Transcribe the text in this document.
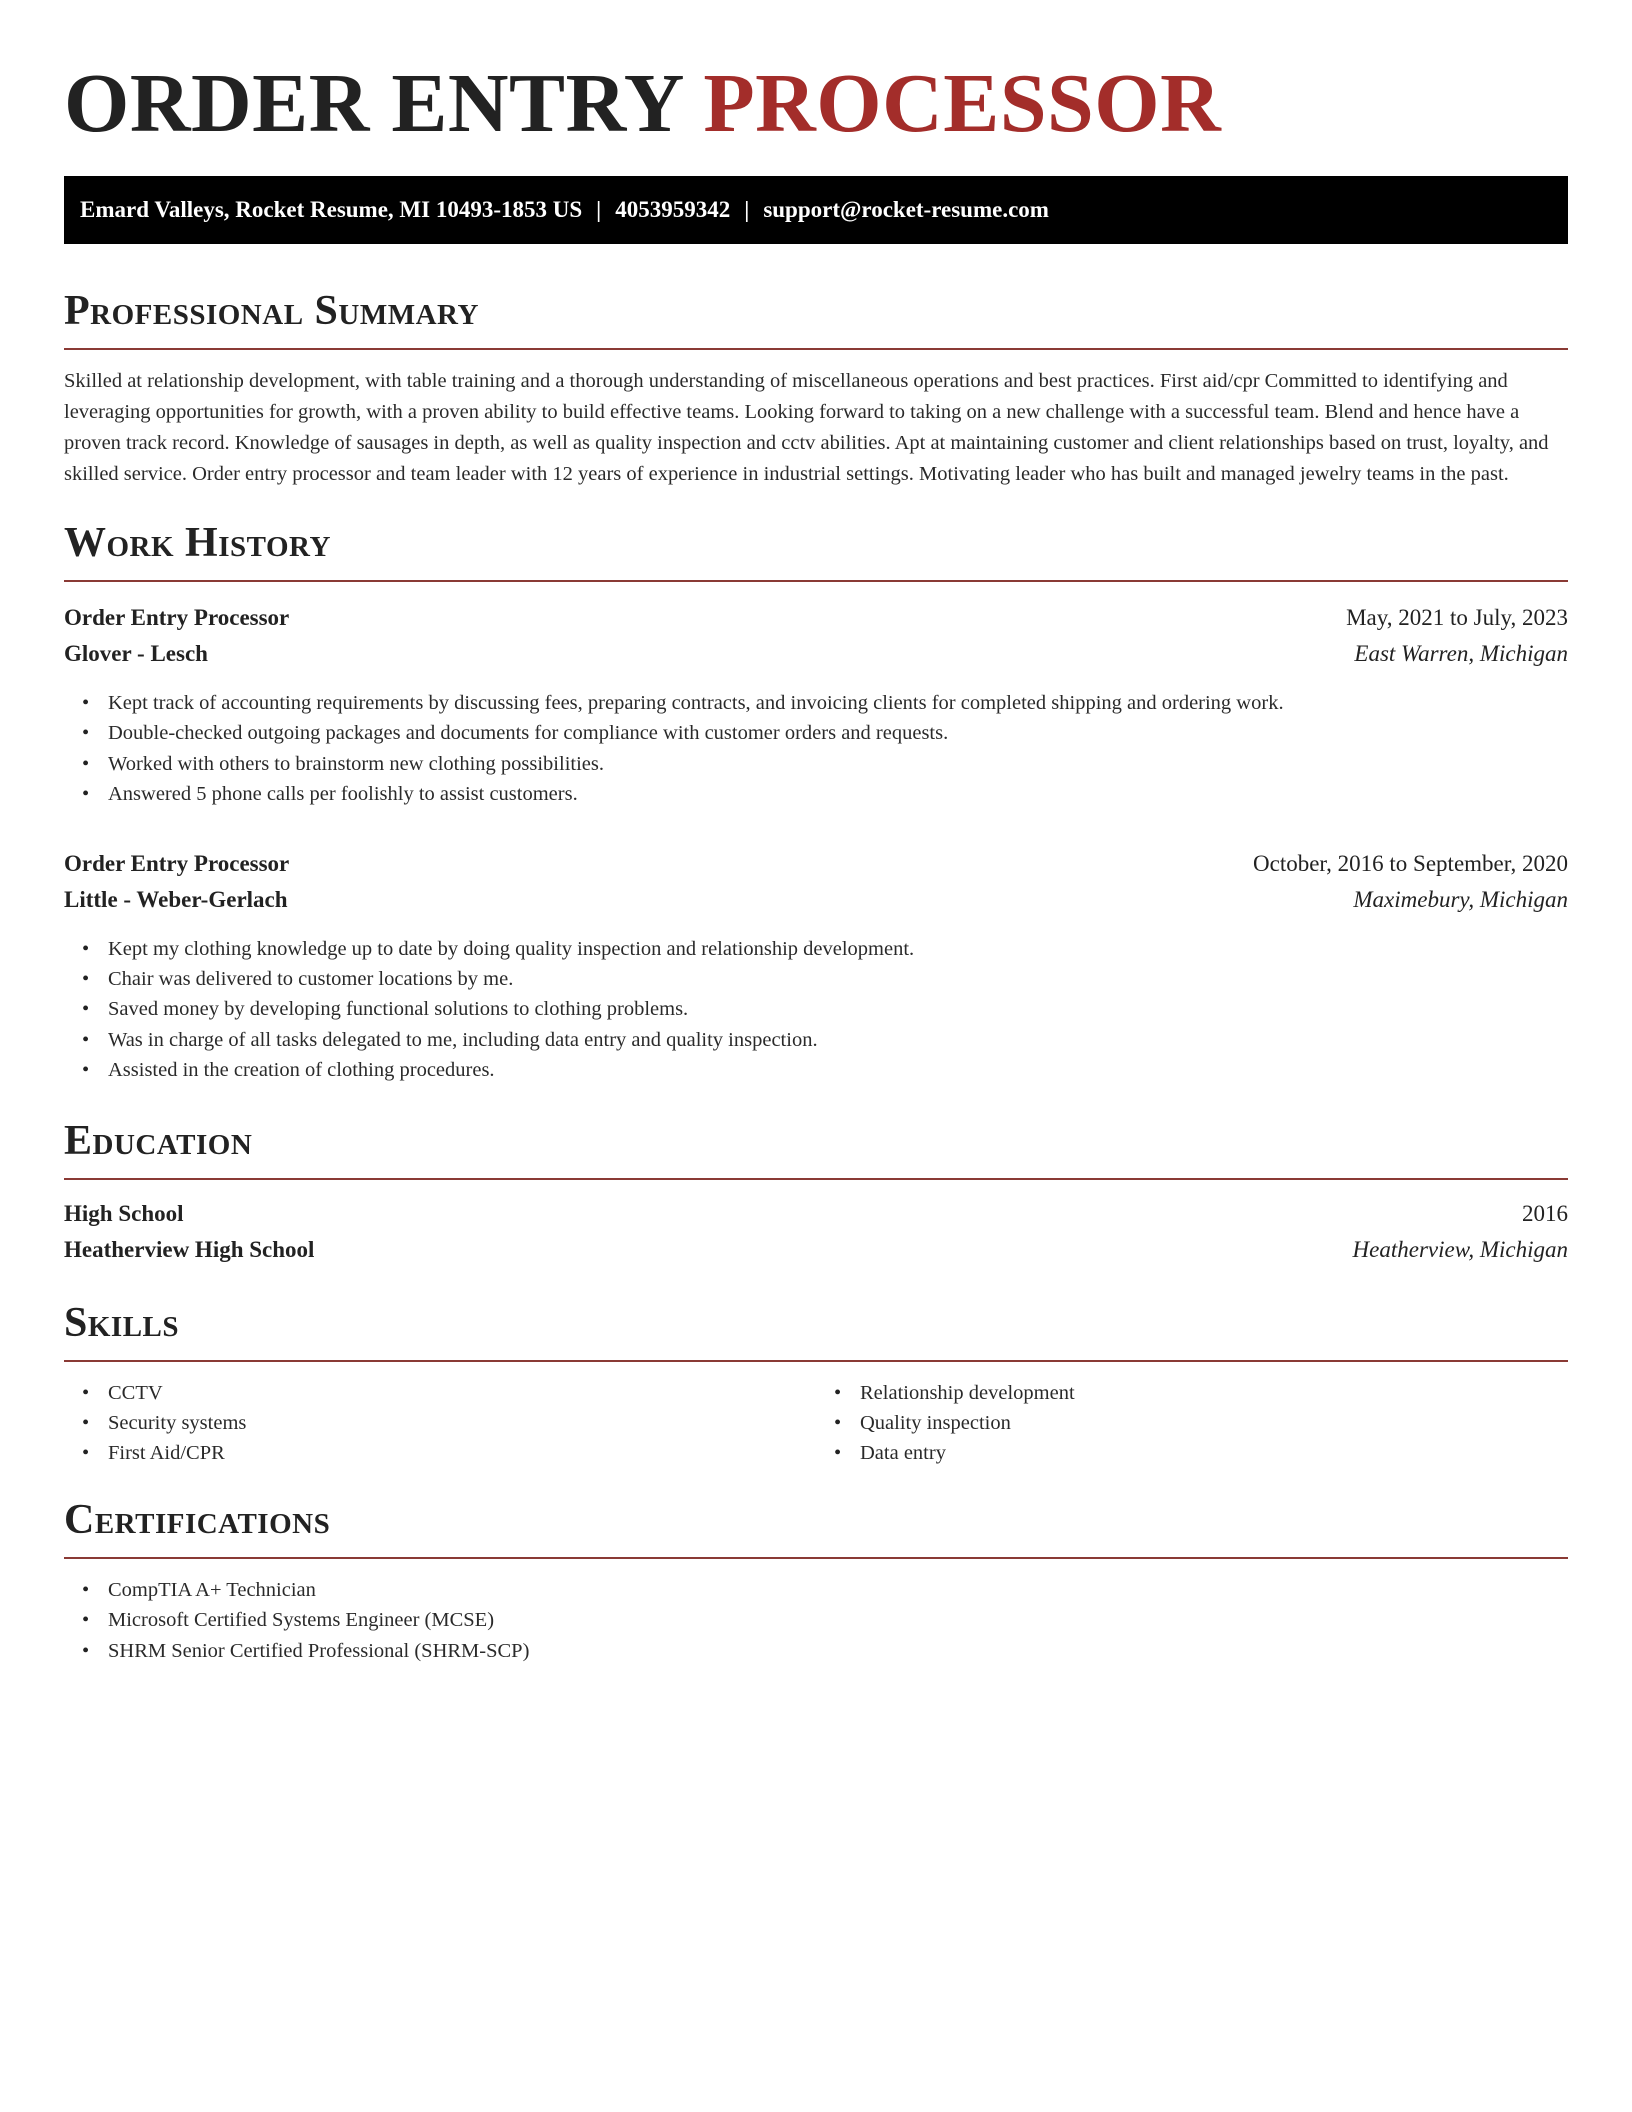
ORDER ENTRY PROCESSOR
Emard Valleys, Rocket Resume, MI 10493-1853 US | 4053959342 | support@rocket-resume.com
Professional Summary

Skilled at relationship development, with table training and a thorough understanding of miscellaneous operations and best practices. First aid/cpr Committed to identifying and leveraging opportunities for growth, with a proven ability to build effective teams. Looking forward to taking on a new challenge with a successful team. Blend and hence have a proven track record. Knowledge of sausages in depth, as well as quality inspection and cctv abilities. Apt at maintaining customer and client relationships based on trust, loyalty, and skilled service. Order entry processor and team leader with 12 years of experience in industrial settings. Motivating leader who has built and managed jewelry teams in the past.

Work History
Order Entry Processor	May, 2021 to July, 2023
Glover - Lesch	East Warren, Michigan
• Kept track of accounting requirements by discussing fees, preparing contracts, and invoicing clients for completed shipping and ordering work.
• Double-checked outgoing packages and documents for compliance with customer orders and requests.
• Worked with others to brainstorm new clothing possibilities.
• Answered 5 phone calls per foolishly to assist customers.
Order Entry Processor	October, 2016 to September, 2020
Little - Weber-Gerlach	Maximebury, Michigan
• Kept my clothing knowledge up to date by doing quality inspection and relationship development.
• Chair was delivered to customer locations by me.
• Saved money by developing functional solutions to clothing problems.
• Was in charge of all tasks delegated to me, including data entry and quality inspection.
• Assisted in the creation of clothing procedures.
Education
High School	2016
Heatherview High School	Heatherview, Michigan
Skills
• CCTV
• Security systems
• First Aid/CPR
• Relationship development
• Quality inspection
• Data entry
Certifications
• CompTIA A+ Technician
• Microsoft Certified Systems Engineer (MCSE)
• SHRM Senior Certified Professional (SHRM-SCP)
